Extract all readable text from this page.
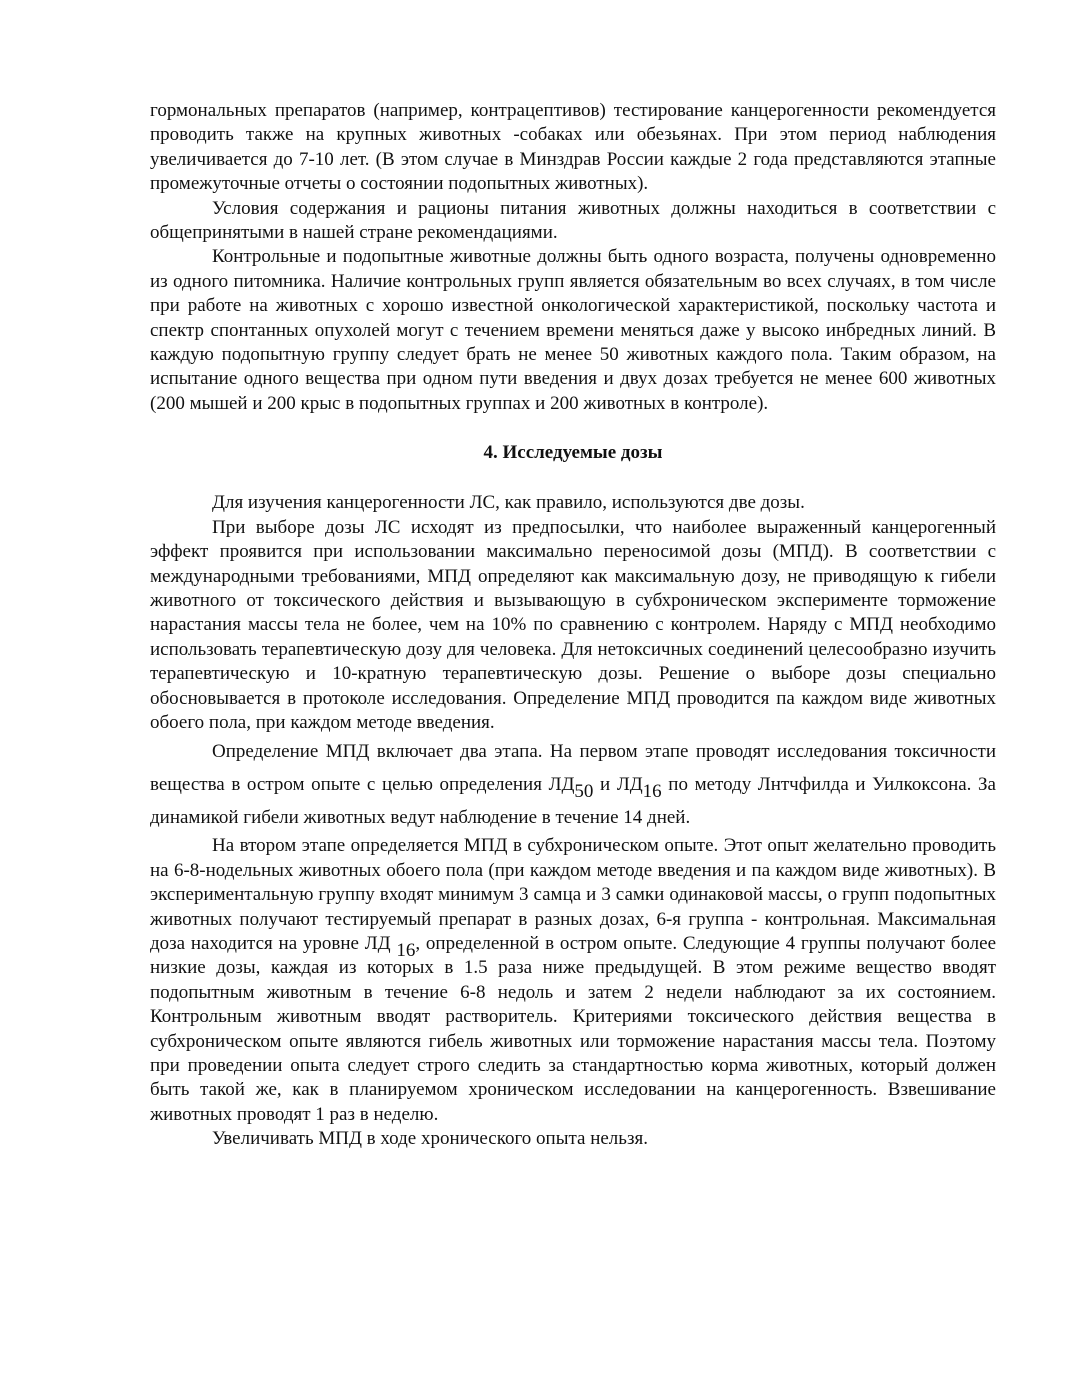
гормональных препаратов (например, контрацептивов) тестирование канцерогенности рекомендуется проводить также на крупных животных -собаках или обезьянах. При этом период наблюдения увеличивается до 7-10 лет. (В этом случае в Минздрав России каждые 2 года представляются этапные промежуточные отчеты о состоянии подопытных животных).

Условия содержания и рационы питания животных должны находиться в соответствии с общепринятыми в нашей стране рекомендациями.

Контрольные и подопытные животные должны быть одного возраста, получены одновременно из одного питомника. Наличие контрольных групп является обязательным во всех случаях, в том числе при работе на животных с хорошо известной онкологической характеристикой, поскольку частота и спектр спонтанных опухолей могут с течением времени меняться даже у высоко инбредных линий. В каждую подопытную группу следует брать не менее 50 животных каждого пола. Таким образом, на испытание одного вещества при одном пути введения и двух дозах требуется не менее 600 животных (200 мышей и 200 крыс в подопытных группах и 200 животных в контроле).

4. Исследуемые дозы

Для изучения канцерогенности ЛС, как правило, используются две дозы.

При выборе дозы ЛС исходят из предпосылки, что наиболее выраженный канцерогенный эффект проявится при использовании максимально переносимой дозы (МПД). В соответствии с международными требованиями, МПД определяют как максимальную дозу, не приводящую к гибели животного от токсического действия и вызывающую в субхроническом эксперименте торможение нарастания массы тела не более, чем на 10% по сравнению с контролем. Наряду с МПД необходимо использовать терапевтическую дозу для человека. Для нетоксичных соединений целесообразно изучить терапевтическую и 10-кратную терапевтическую дозы. Решение о выборе дозы специально обосновывается в протоколе исследования. Определение МПД проводится па каждом виде животных обоего пола, при каждом методе введения.

Определение МПД включает два этапа. На первом этапе проводят исследования токсичности вещества в остром опыте с целью определения $ЛД_{50}$ и $ЛД_{16}$ по методу Лнтчфилда и Уилкоксона. За динамикой гибели животных ведут наблюдение в течение 14 дней.

На втором этапе определяется МПД в субхроническом опыте. Этот опыт желательно проводить на 6-8-нодельных животных обоего пола (при каждом методе введения и па каждом виде животных). В экспериментальную группу входят минимум 3 самца и 3 самки одинаковой массы, о групп подопытных животных получают тестируемый препарат в разных дозах, 6-я группа - контрольная. Максимальная доза находится на уровне ЛД $_{16}$, определенной в остром опыте. Следующие 4 группы получают более низкие дозы, каждая из которых в 1.5 раза ниже предыдущей. В этом режиме вещество вводят подопытным животным в течение 6-8 недоль и затем 2 недели наблюдают за их состоянием. Контрольным животным вводят растворитель. Критериями токсического действия вещества в субхроническом опыте являются гибель животных или торможение нарастания массы тела. Поэтому при проведении опыта следует строго следить за стандартностью корма животных, который должен быть такой же, как в планируемом хроническом исследовании на канцерогенность. Взвешивание животных проводят 1 раз в неделю.

Увеличивать МПД в ходе хронического опыта нельзя.
